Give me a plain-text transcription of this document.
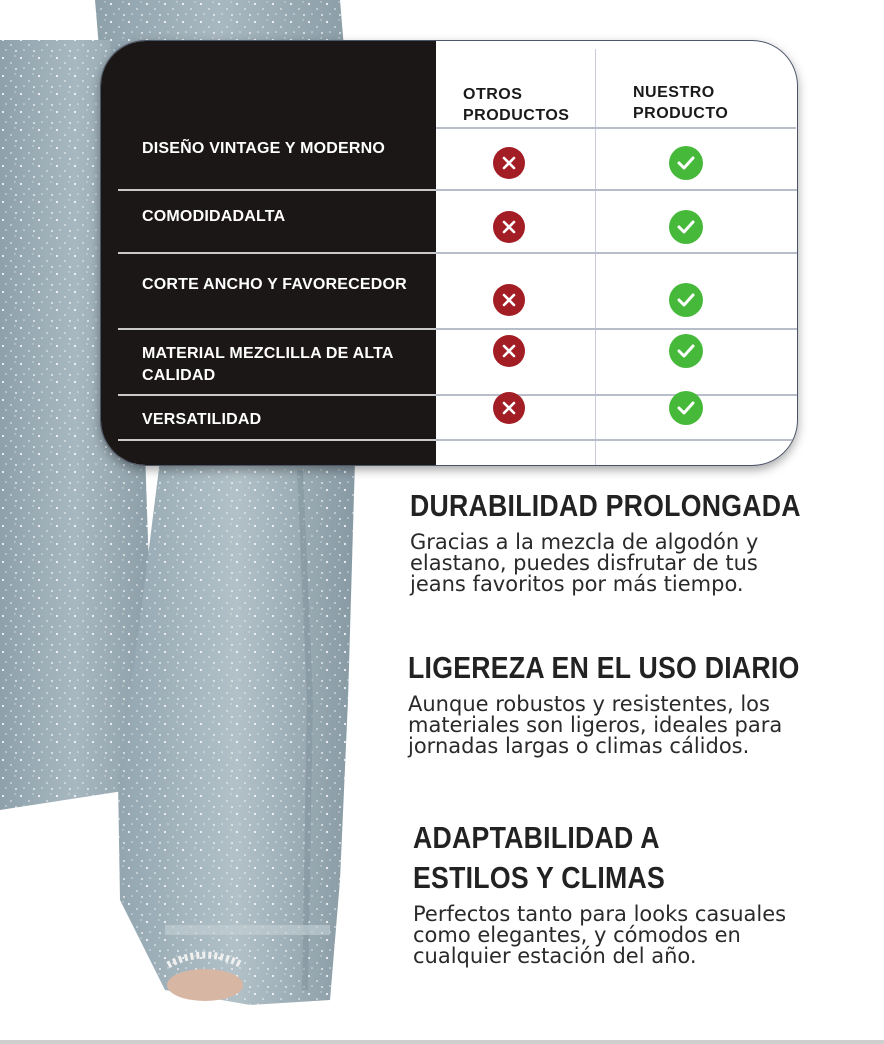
OTROS PRODUCTOS
NUESTRO PRODUCTO
DISEÑO VINTAGE Y MODERNO
COMODIDADALTA
CORTE ANCHO Y FAVORECEDOR
MATERIAL MEZCLILLA DE ALTA
CALIDAD
VERSATILIDAD
DURABILIDAD PROLONGADA

Gracias a la mezcla de algodón y elastano, puedes disfrutar de tus jeans favoritos por más tiempo.

LIGEREZA EN EL USO DIARIO

Aunque robustos y resistentes, los materiales son ligeros, ideales para jornadas largas o climas cálidos.

ADAPTABILIDAD A ESTILOS Y CLIMAS

Perfectos tanto para looks casuales como elegantes, y cómodos en cualquier estación del año.
